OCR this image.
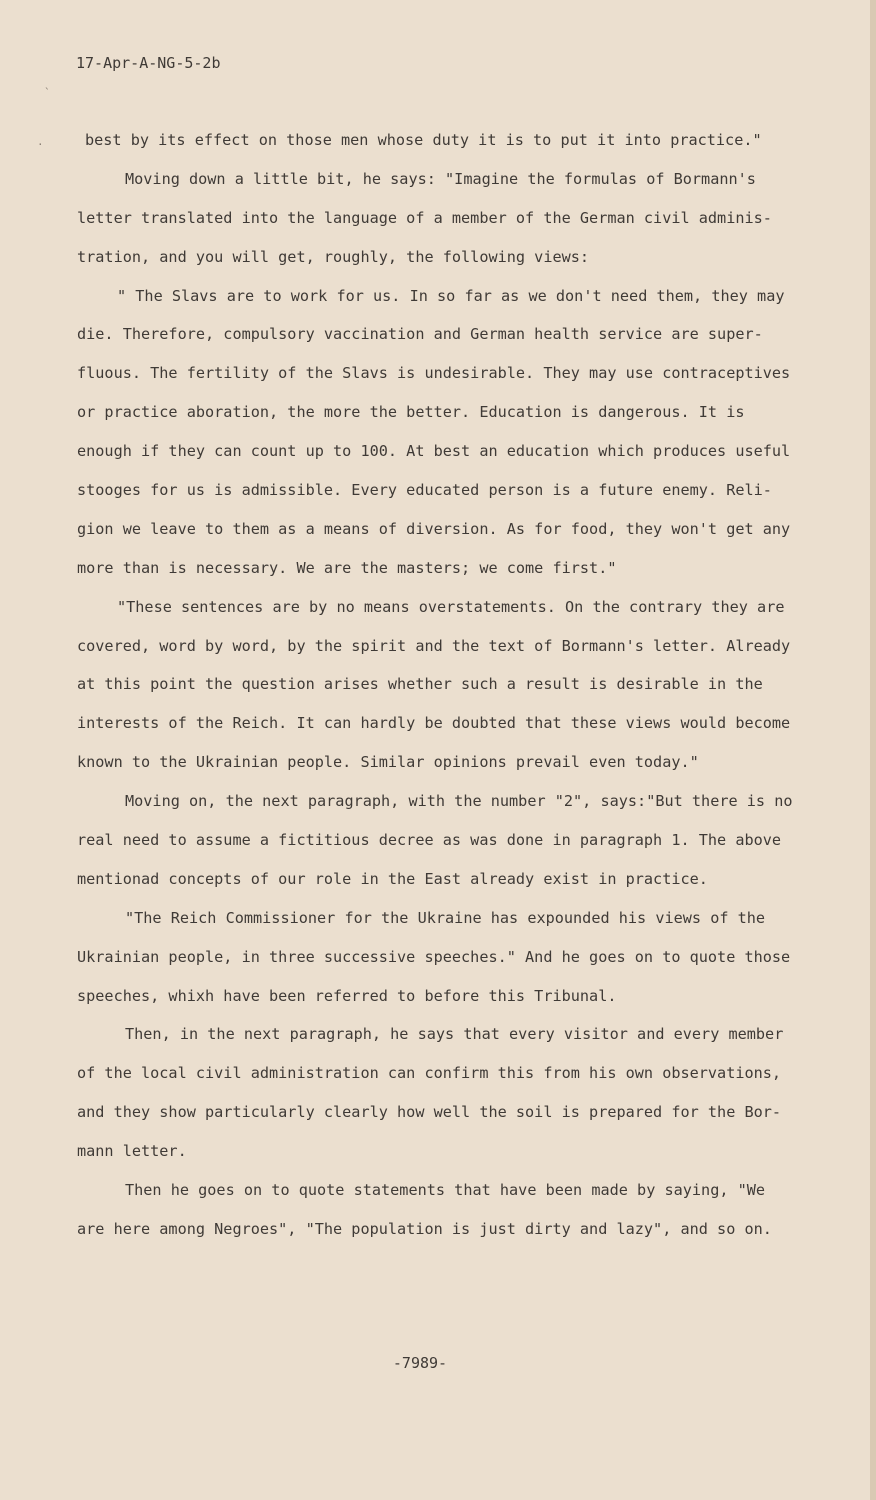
`
·
17-Apr-A-NG-5-2b
best by its effect on those men whose duty it is to put it into practice."
Moving down a little bit, he says: "Imagine the formulas of Bormann's
letter translated into the language of a member of the German civil adminis-
tration, and you will get, roughly, the following views:
" The Slavs are to work for us. In so far as we don't need them, they may
die. Therefore, compulsory vaccination and German health service are super-
fluous. The fertility of the Slavs is undesirable. They may use contraceptives
or practice aboration, the more the better. Education is dangerous. It is
enough if they can count up to 100. At best an education which produces useful
stooges for us is admissible. Every educated person is a future enemy. Reli-
gion we leave to them as a means of diversion. As for food, they won't get any
more than is necessary. We are the masters; we come first."
"These sentences are by no means overstatements. On the contrary they are
covered, word by word, by the spirit and the text of Bormann's letter. Already
at this point the question arises whether such a result is desirable in the
interests of the Reich. It can hardly be doubted that these views would become
known to the Ukrainian people. Similar opinions prevail even today."
Moving on, the next paragraph, with the number "2", says:"But there is no
real need to assume a fictitious decree as was done in paragraph 1. The above
mentionad concepts of our role in the East already exist in practice.
"The Reich Commissioner for the Ukraine has expounded his views of the
Ukrainian people, in three successive speeches." And he goes on to quote those
speeches, whixh have been referred to before this Tribunal.
Then, in the next paragraph, he says that every visitor and every member
of the local civil administration can confirm this from his own observations,
and they show particularly clearly how well the soil is prepared for the Bor-
mann letter.
Then he goes on to quote statements that have been made by saying, "We
are here among Negroes", "The population is just dirty and lazy", and so on.
-7989-
